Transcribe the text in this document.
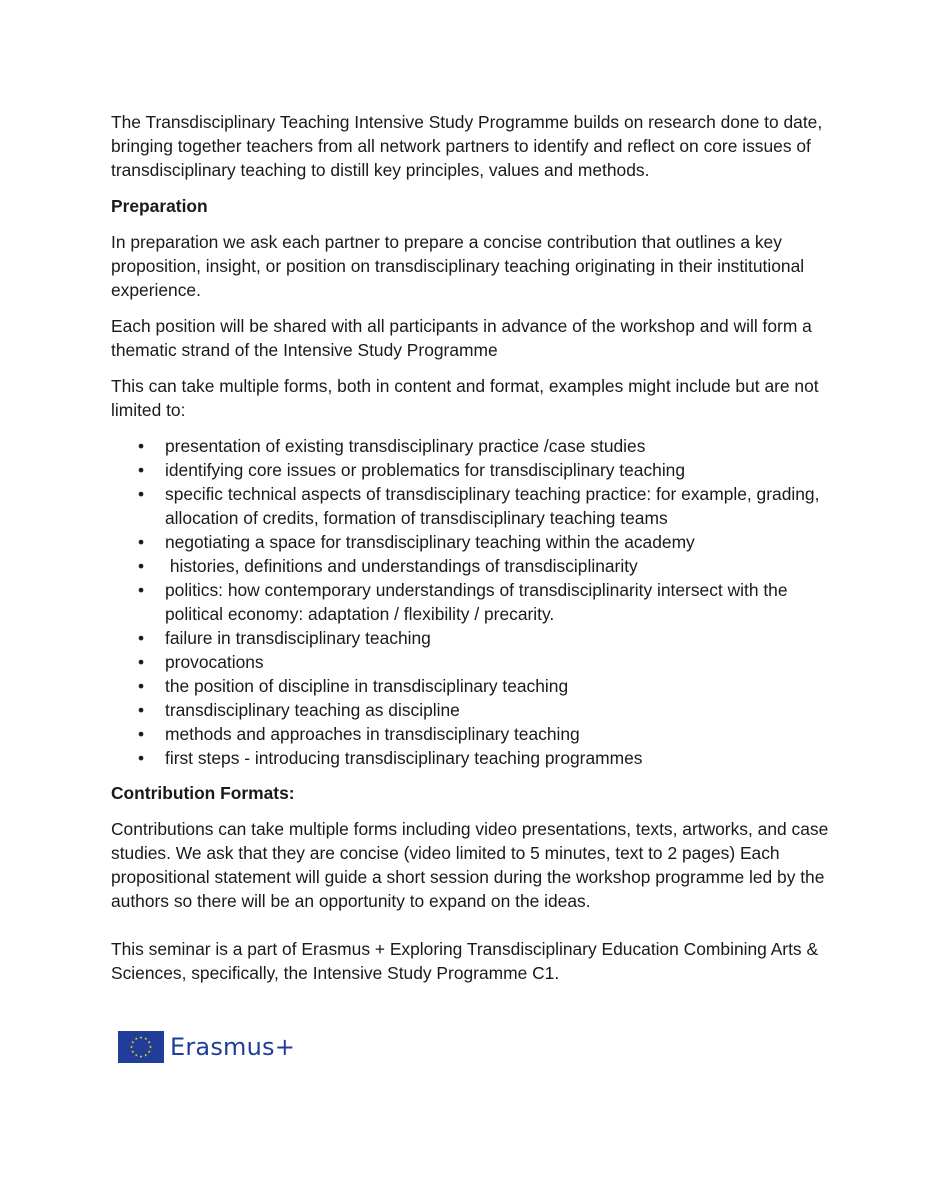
The Transdisciplinary Teaching Intensive Study Programme builds on research done to date, bringing together teachers from all network partners to identify and reflect on core issues of transdisciplinary teaching to distill key principles, values and methods.

Preparation

In preparation we ask each partner to prepare a concise contribution that outlines a key proposition, insight, or position on transdisciplinary teaching originating in their institutional experience.

Each position will be shared with all participants in advance of the workshop and will form a thematic strand of the Intensive Study Programme

This can take multiple forms, both in content and format, examples might include but are not limited to:

• presentation of existing transdisciplinary practice /case studies
• identifying core issues or problematics for transdisciplinary teaching
• specific technical aspects of transdisciplinary teaching practice: for example, grading, allocation of credits, formation of transdisciplinary teaching teams
• negotiating a space for transdisciplinary teaching within the academy
• histories, definitions and understandings of transdisciplinarity
• politics: how contemporary understandings of transdisciplinarity intersect with the political economy: adaptation / flexibility / precarity.
• failure in transdisciplinary teaching
• provocations
• the position of discipline in transdisciplinary teaching
• transdisciplinary teaching as discipline
• methods and approaches in transdisciplinary teaching
• first steps - introducing transdisciplinary teaching programmes

Contribution Formats:

Contributions can take multiple forms including video presentations, texts, artworks, and case studies. We ask that they are concise (video limited to 5 minutes, text to 2 pages) Each propositional statement will guide a short session during the workshop programme led by the authors so there will be an opportunity to expand on the ideas.

This seminar is a part of Erasmus + Exploring Transdisciplinary Education Combining Arts & Sciences, specifically, the Intensive Study Programme C1.

Erasmus+
